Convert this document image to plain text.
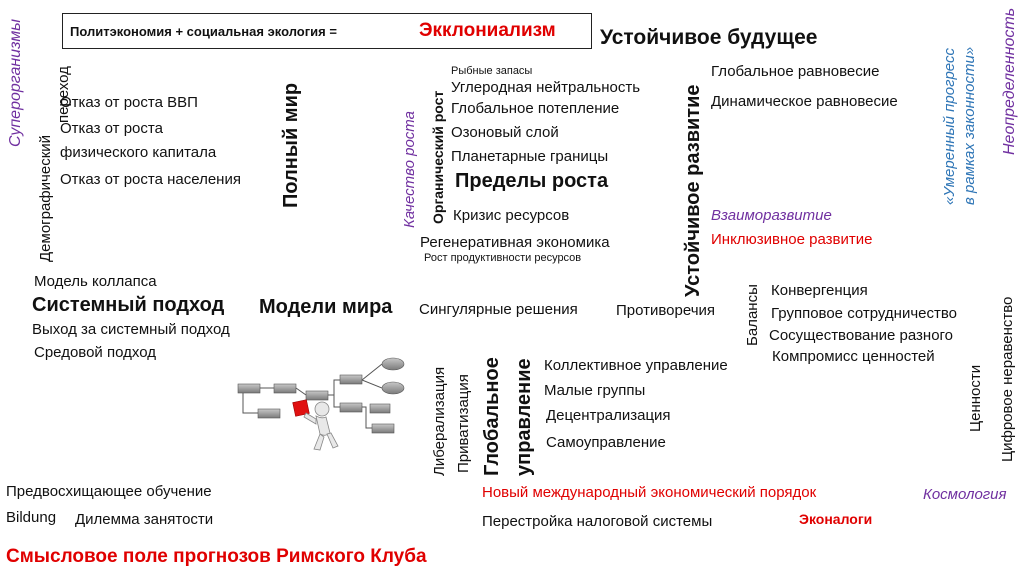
Политэкономия + социальная экология =	Экклониализм Устойчивое будущее
Суперорганизмы
Демографический
переход	Полный мир	Качество роста Органический рост	Устойчивое развитие	«Умеренный прогресс в рамках законности» Неопределенность
Цифровое неравенство
Ценности
Балансы
Либерализация Приватизация Глобальное управление
Отказ от роста ВВП
Отказ от роста
физического капитала
Отказ от роста населения
Рыбные запасы
Углеродная нейтральность
Глобальное потепление
Озоновый слой
Планетарные границы
Пределы роста
Кризис ресурсов
Регенеративная экономика
Рост продуктивности ресурсов
Глобальное равновесие
Динамическое равновесие
Взаиморазвитие
Инклюзивное развитие
Конвергенция
Групповое сотрудничество
Сосуществование разного
Компромисс ценностей
Модель коллапса
Системный подход Модели мира Сингулярные решения	Противоречия
Выход за системный подход
Средовой подход
Коллективное управление
Малые группы
Децентрализация
Самоуправление
Предвосхищающее обучение
Bildung Дилемма занятости
Новый международный экономический порядок	Космология
Перестройка налоговой системы	Эконалоги
Смысловое поле прогнозов Римского Клуба
